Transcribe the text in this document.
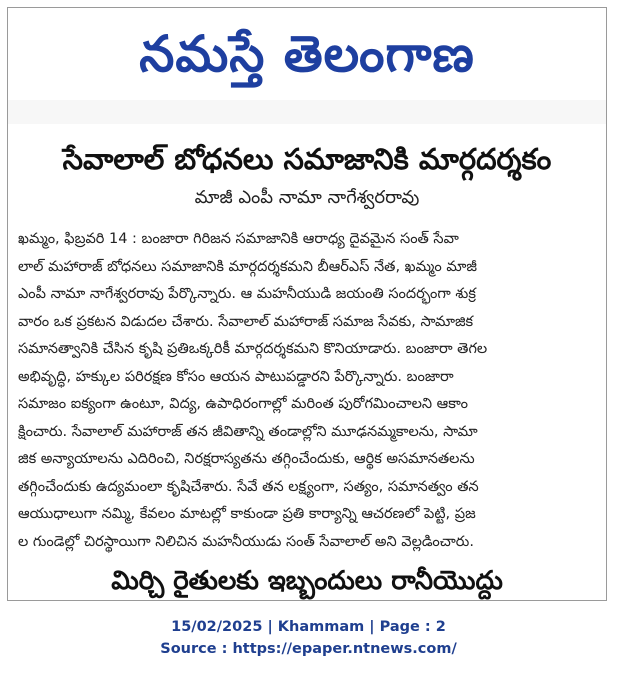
నమస్తే తెలంగాణ
సేవాలాల్ బోధనలు సమాజానికి మార్గదర్శకం
మాజీ ఎంపీ నామా నాగేశ్వరరావు
ఖమ్మం, ఫిబ్రవరి 14 : బంజారా గిరిజన సమాజానికి ఆరాధ్య దైవమైన సంత్ సేవా
లాల్ మహారాజ్ బోధనలు సమాజానికి మార్గదర్శకమని బీఆర్ఎస్ నేత, ఖమ్మం మాజీ
ఎంపీ నామా నాగేశ్వరరావు పేర్కొన్నారు. ఆ మహనీయుడి జయంతి సందర్భంగా శుక్ర
వారం ఒక ప్రకటన విడుదల చేశారు. సేవాలాల్ మహారాజ్ సమాజ సేవకు, సామాజిక
సమానత్వానికి చేసిన కృషి ప్రతిఒక్కరికీ మార్గదర్శకమని కొనియాడారు. బంజారా తెగల
అభివృద్ధి, హక్కుల పరిరక్షణ కోసం ఆయన పాటుపడ్డారని పేర్కొన్నారు. బంజారా
సమాజం ఐక్యంగా ఉంటూ, విద్య, ఉపాధిరంగాల్లో మరింత పురోగమించాలని ఆకాం
క్షించారు. సేవాలాల్ మహారాజ్ తన జీవితాన్ని తండాల్లోని మూఢనమ్మకాలను, సామా
జిక అన్యాయాలను ఎదిరించి, నిరక్షరాస్యతను తగ్గించేందుకు, ఆర్థిక అసమానతలను
తగ్గించేందుకు ఉద్యమంలా కృషిచేశారు. సేవే తన లక్ష్యంగా, సత్యం, సమానత్వం తన
ఆయుధాలుగా నమ్మి, కేవలం మాటల్లో కాకుండా ప్రతి కార్యాన్ని ఆచరణలో పెట్టి, ప్రజ
ల గుండెల్లో చిరస్థాయిగా నిలిచిన మహనీయుడు సంత్ సేవాలాల్ అని వెల్లడించారు.
మిర్చి రైతులకు ఇబ్బందులు రానీయొద్దు
15/02/2025 | Khammam | Page : 2
Source : https://epaper.ntnews.com/
